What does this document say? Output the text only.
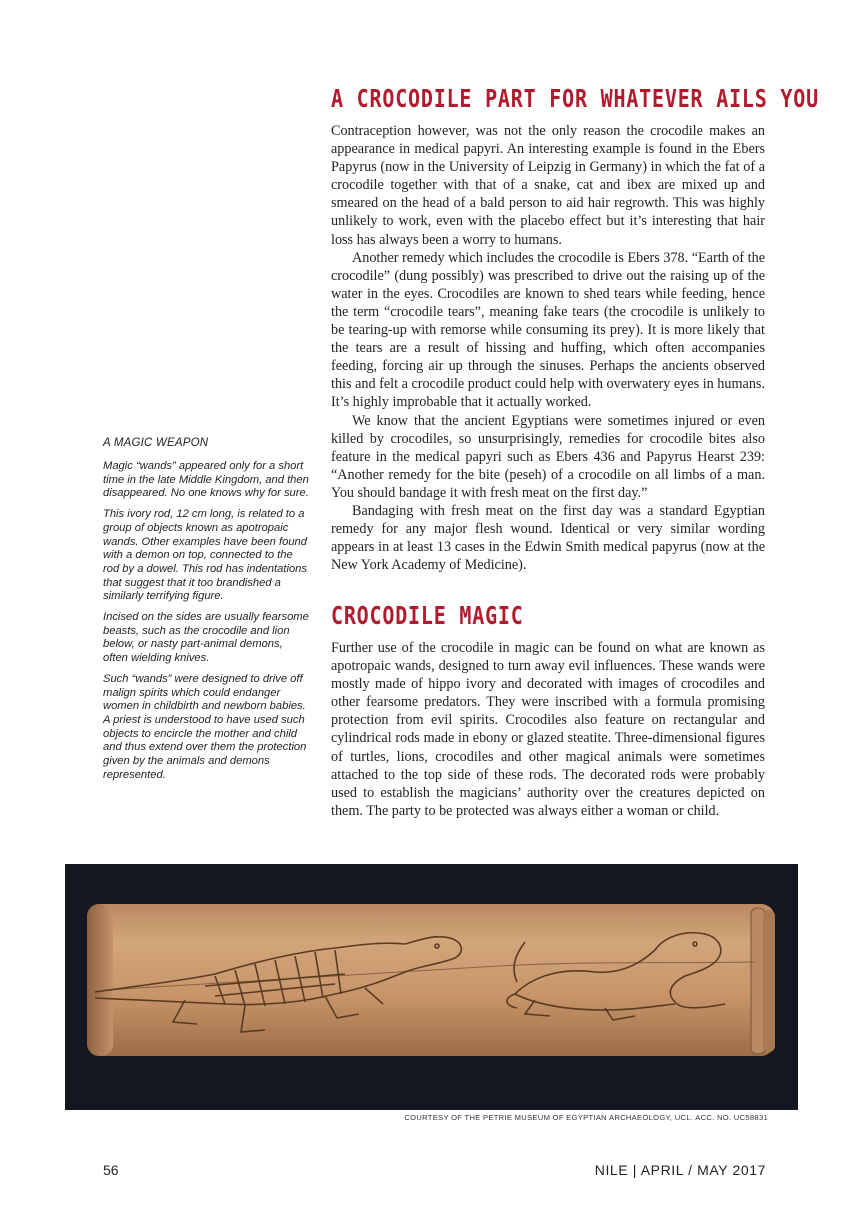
A CROCODILE PART FOR WHATEVER AILS YOU
CROCODILE MAGIC

Contraception however, was not the only reason the crocodile makes an appearance in medical papyri. An interesting example is found in the Ebers Papyrus (now in the University of Leipzig in Germany) in which the fat of a crocodile together with that of a snake, cat and ibex are mixed up and smeared on the head of a bald person to aid hair regrowth. This was highly unlikely to work, even with the placebo effect but it’s interesting that hair loss has always been a worry to humans.

Another remedy which includes the crocodile is Ebers 378. “Earth of the crocodile” (dung possibly) was prescribed to drive out the raising up of the water in the eyes. Crocodiles are known to shed tears while feeding, hence the term “crocodile tears”, meaning fake tears (the crocodile is unlikely to be tearing-up with remorse while consuming its prey). It is more likely that the tears are a result of hissing and huffing, which often accompanies feeding, forcing air up through the sinuses. Perhaps the ancients observed this and felt a crocodile product could help with overwatery eyes in humans. It’s highly improbable that it actually worked.

We know that the ancient Egyptians were sometimes injured or even killed by crocodiles, so unsurprisingly, remedies for crocodile bites also feature in the medical papyri such as Ebers 436 and Papyrus Hearst 239: “Another remedy for the bite (peseh) of a crocodile on all limbs of a man. You should bandage it with fresh meat on the first day.”

Bandaging with fresh meat on the first day was a standard Egyptian remedy for any major flesh wound. Identical or very similar wording appears in at least 13 cases in the Edwin Smith medical papyrus (now at the New York Academy of Medicine).

Further use of the crocodile in magic can be found on what are known as apotropaic wands, designed to turn away evil influences. These wands were mostly made of hippo ivory and decorated with images of crocodiles and other fearsome predators. They were inscribed with a formula promising protection from evil spirits. Crocodiles also feature on rectangular and cylindrical rods made in ebony or glazed steatite. Three-dimensional figures of turtles, lions, crocodiles and other magical animals were sometimes attached to the top side of these rods. The decorated rods were probably used to establish the magicians’ authority over the creatures depicted on them. The party to be protected was always either a woman or child.

A MAGIC WEAPON

Magic “wands” appeared only for a short time in the late Middle Kingdom, and then disappeared. No one knows why for sure.

This ivory rod, 12 cm long, is related to a group of objects known as apotropaic wands. Other examples have been found with a demon on top, connected to the rod by a dowel. This rod has indentations that suggest that it too brandished a similarly terrifying figure.

Incised on the sides are usually fearsome beasts, such as the crocodile and lion below, or nasty part-animal demons, often wielding knives.

Such “wands” were designed to drive off malign spirits which could endanger women in childbirth and newborn babies. A priest is understood to have used such objects to encircle the mother and child and thus extend over them the protection given by the animals and demons represented.

COURTESY OF THE PETRIE MUSEUM OF EGYPTIAN ARCHAEOLOGY, UCL. ACC. NO. UC58831
56	NILE | APRIL / MAY 2017
